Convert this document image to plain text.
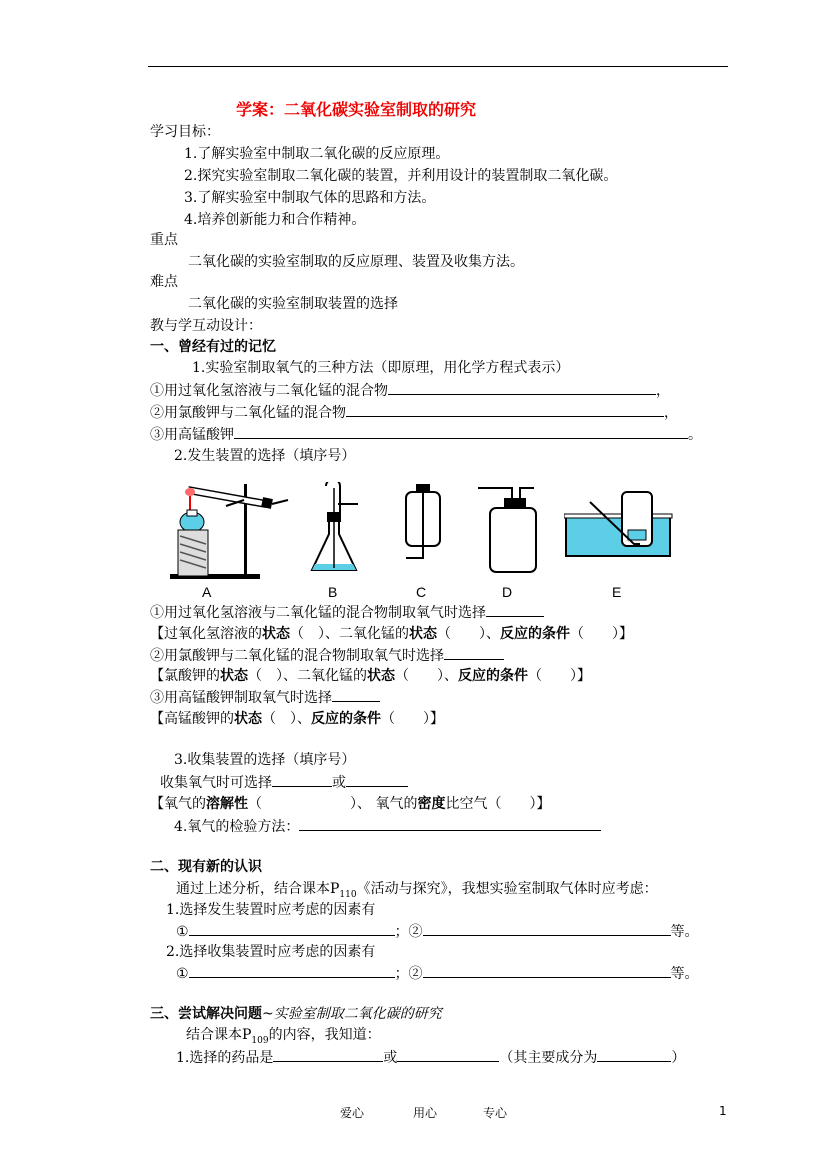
学案：二氧化碳实验室制取的研究
学习目标：
1.了解实验室中制取二氧化碳的反应原理。
2.探究实验室制取二氧化碳的装置，并利用设计的装置制取二氧化碳。
3.了解实验室中制取气体的思路和方法。
4.培养创新能力和合作精神。
重点
二氧化碳的实验室制取的反应原理、装置及收集方法。
难点
二氧化碳的实验室制取装置的选择
教与学互动设计：
一、曾经有过的记忆
1.实验室制取氧气的三种方法（即原理，用化学方程式表示）
①用过氧化氢溶液与二氧化锰的混合物	，
②用氯酸钾与二氧化锰的混合物	，
③用高锰酸钾	。
2.发生装置的选择（填序号）
A	B	C	D	E
①用过氧化氢溶液与二氧化锰的混合物制取氧气时选择
【过氧化氢溶液的状态（　）、二氧化锰的状态（　　）、反应的条件（　　）】
②用氯酸钾与二氧化锰的混合物制取氧气时选择
【氯酸钾的状态（　）、二氧化锰的状态（　　）、反应的条件（　　）】
③用高锰酸钾制取氧气时选择
【高锰酸钾的状态（　）、反应的条件（　　）】
3.收集装置的选择（填序号）
收集氧气时可选择	或
【氧气的溶解性（	）、 氧气的密度比空气（　　）】
4.氧气的检验方法：
二、现有新的认识
通过上述分析，结合课本$P_{110}$《活动与探究》，我想实验室制取气体时应考虑：
1.选择发生装置时应考虑的因素有
①	；②	等。
2.选择收集装置时应考虑的因素有
①	；②	等。
三、尝试解决问题~实验室制取二氧化碳的研究
结合课本$P_{109}$的内容，我知道：
1.选择的药品是	或	（其主要成分为	）
爱心	用心	专心	1
